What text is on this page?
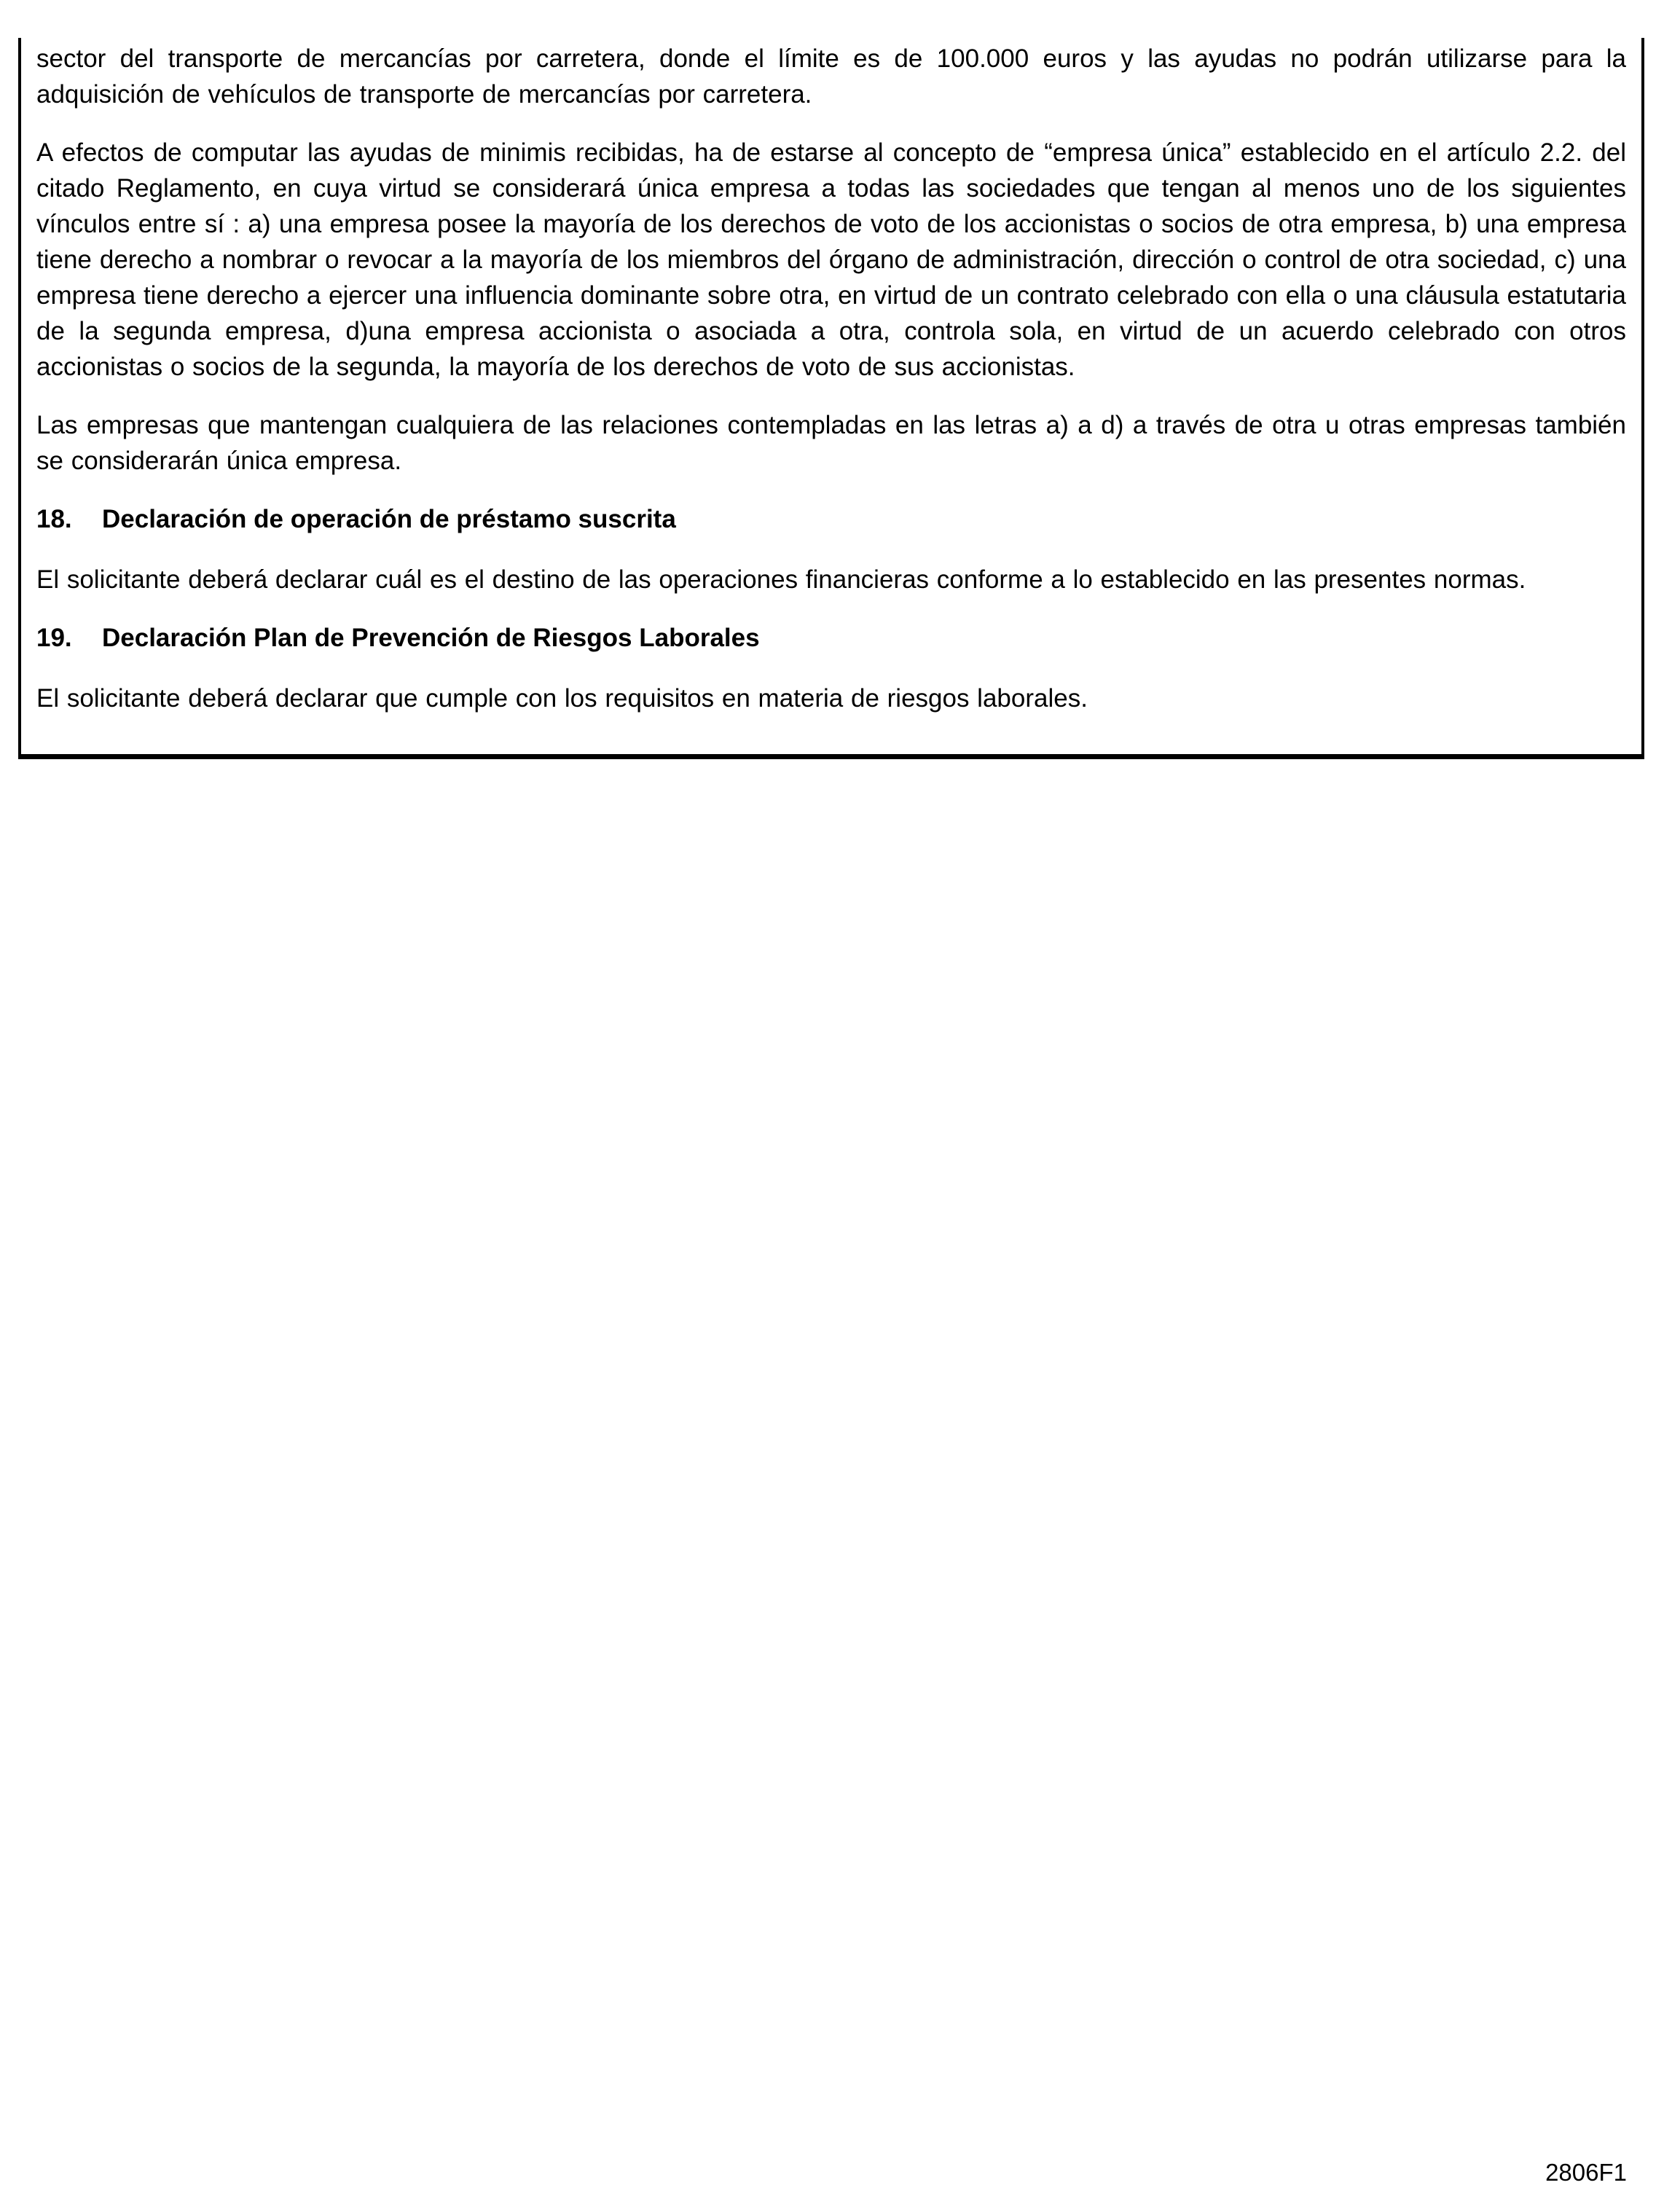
sector del transporte de mercancías por carretera, donde el límite es de 100.000 euros y las ayudas no podrán utilizarse para la adquisición de vehículos de transporte de mercancías por carretera.

A efectos de computar las ayudas de minimis recibidas, ha de estarse al concepto de “empresa única” establecido en el artículo 2.2. del citado Reglamento, en cuya virtud se considerará única empresa a todas las sociedades que tengan al menos uno de los siguientes vínculos entre sí : a) una empresa posee la mayoría de los derechos de voto de los accionistas o socios de otra empresa, b) una empresa tiene derecho a nombrar o revocar a la mayoría de los miembros del órgano de administración, dirección o control de otra sociedad, c) una empresa tiene derecho a ejercer una influencia dominante sobre otra, en virtud de un contrato celebrado con ella o una cláusula estatutaria de la segunda empresa, d)una empresa accionista o asociada a otra, controla sola, en virtud de un acuerdo celebrado con otros accionistas o socios de la segunda, la mayoría de los derechos de voto de sus accionistas.

Las empresas que mantengan cualquiera de las relaciones contempladas en las letras a) a d) a través de otra u otras empresas también se considerarán única empresa.

18.	Declaración de operación de préstamo suscrita

El solicitante deberá declarar cuál es el destino de las operaciones financieras conforme a lo establecido en las presentes normas.

19.	Declaración Plan de Prevención de Riesgos Laborales

El solicitante deberá declarar que cumple con los requisitos en materia de riesgos laborales.

2806F1
